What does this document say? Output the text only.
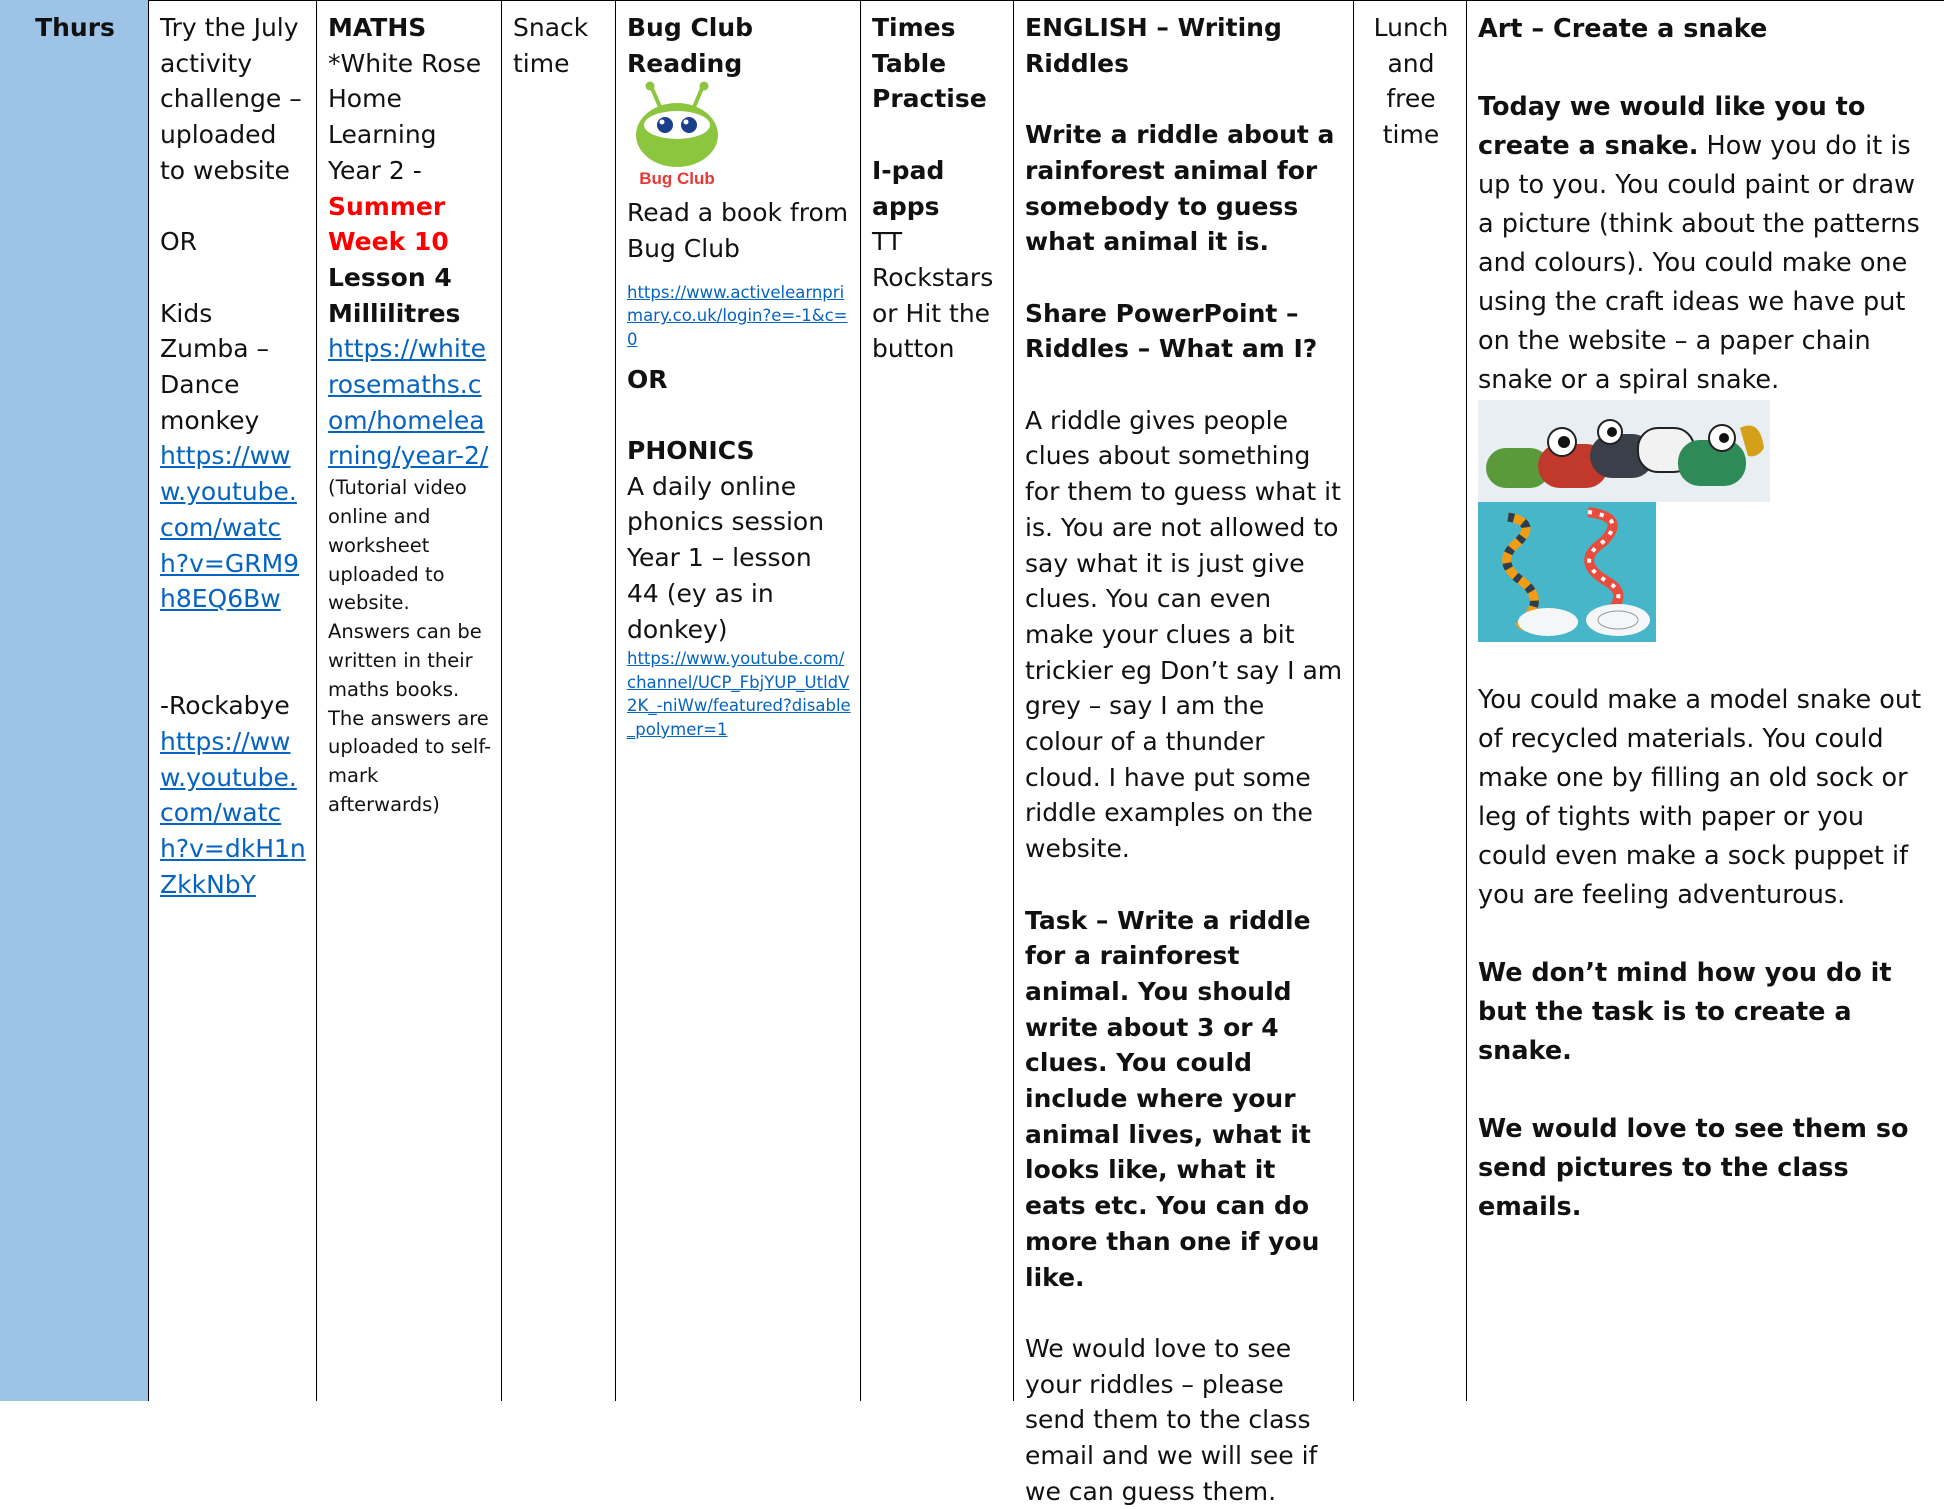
Thurs	Try the July activity challenge – uploaded to website

OR

Kids Zumba – Dance monkey

https://www.youtube.com/watch?v=GRM9h8EQ6Bw

-Rockabye

https://www.youtube.com/watch?v=dkH1nZkkNbY

MATHS

*White Rose Home Learning Year 2 -

Summer Week 10

Lesson 4 Millilitres

https://whiterosemaths.com/homelearning/year-2/

(Tutorial video online and worksheet uploaded to website. Answers can be written in their maths books. The answers are uploaded to self-mark afterwards)

Snack time

Bug Club Reading

Bug Club

Read a book from Bug Club

https://www.activelearnprimary.co.uk/login?e=-1&c=0

OR

PHONICS

A daily online phonics session Year 1 – lesson 44 (ey as in donkey)

https://www.youtube.com/channel/UCP_FbjYUP_UtldV2K_-niWw/featured?disable_polymer=1

Times Table Practise

I-pad apps

TT Rockstars or Hit the button

ENGLISH – Writing Riddles

Write a riddle about a rainforest animal for somebody to guess what animal it is.

Share PowerPoint – Riddles – What am I?

A riddle gives people clues about something for them to guess what it is. You are not allowed to say what it is just give clues. You can even make your clues a bit trickier eg Don’t say I am grey – say I am the colour of a thunder cloud. I have put some riddle examples on the website.

Task – Write a riddle for a rainforest animal. You should write about 3 or 4 clues. You could include where your animal lives, what it looks like, what it eats etc. You can do more than one if you like.

We would love to see your riddles – please send them to the class email and we will see if we can guess them.

Lunch and free time

Art – Create a snake

Today we would like you to create a snake. How you do it is up to you. You could paint or draw a picture (think about the patterns and colours). You could make one using the craft ideas we have put on the website – a paper chain snake or a spiral snake.

You could make a model snake out of recycled materials. You could make one by filling an old sock or leg of tights with paper or you could even make a sock puppet if you are feeling adventurous.

We don’t mind how you do it but the task is to create a snake.

We would love to see them so send pictures to the class emails.
